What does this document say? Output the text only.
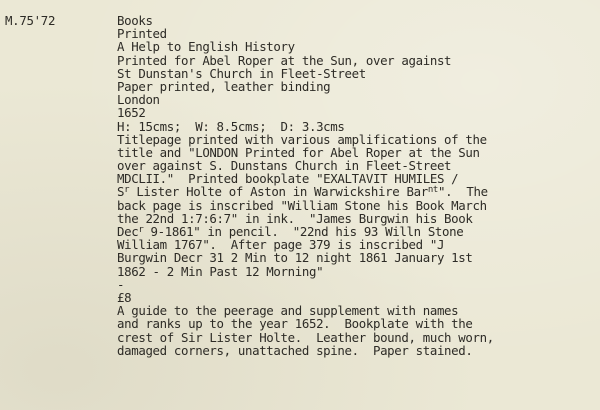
M.75'72	Books
Printed
A Help to English History
Printed for Abel Roper at the Sun, over against
St Dunstan's Church in Fleet-Street
Paper printed, leather binding
London
1652
H: 15cms;  W: 8.5cms;  D: 3.3cms
Titlepage printed with various amplifications of the
title and "LONDON Printed for Abel Roper at the Sun
over against S. Dunstans Church in Fleet-Street
MDCLII."  Printed bookplate "EXALTAVIT HUMILES /
$S^r$ Lister Holte of Aston in Warwickshire Bar$^{nt}$".  The
back page is inscribed "William Stone his Book March
the 22nd 1:7:6:7" in ink.  "James Burgwin his Book
Dec$^r$ 9-1861" in pencil.  "22nd his 93 Willn Stone
William 1767".  After page 379 is inscribed "J
Burgwin Decr 31 2 Min to 12 night 1861 January 1st
1862 - 2 Min Past 12 Morning"
-
£8
A guide to the peerage and supplement with names
and ranks up to the year 1652.  Bookplate with the
crest of Sir Lister Holte.  Leather bound, much worn,
damaged corners, unattached spine.  Paper stained.
